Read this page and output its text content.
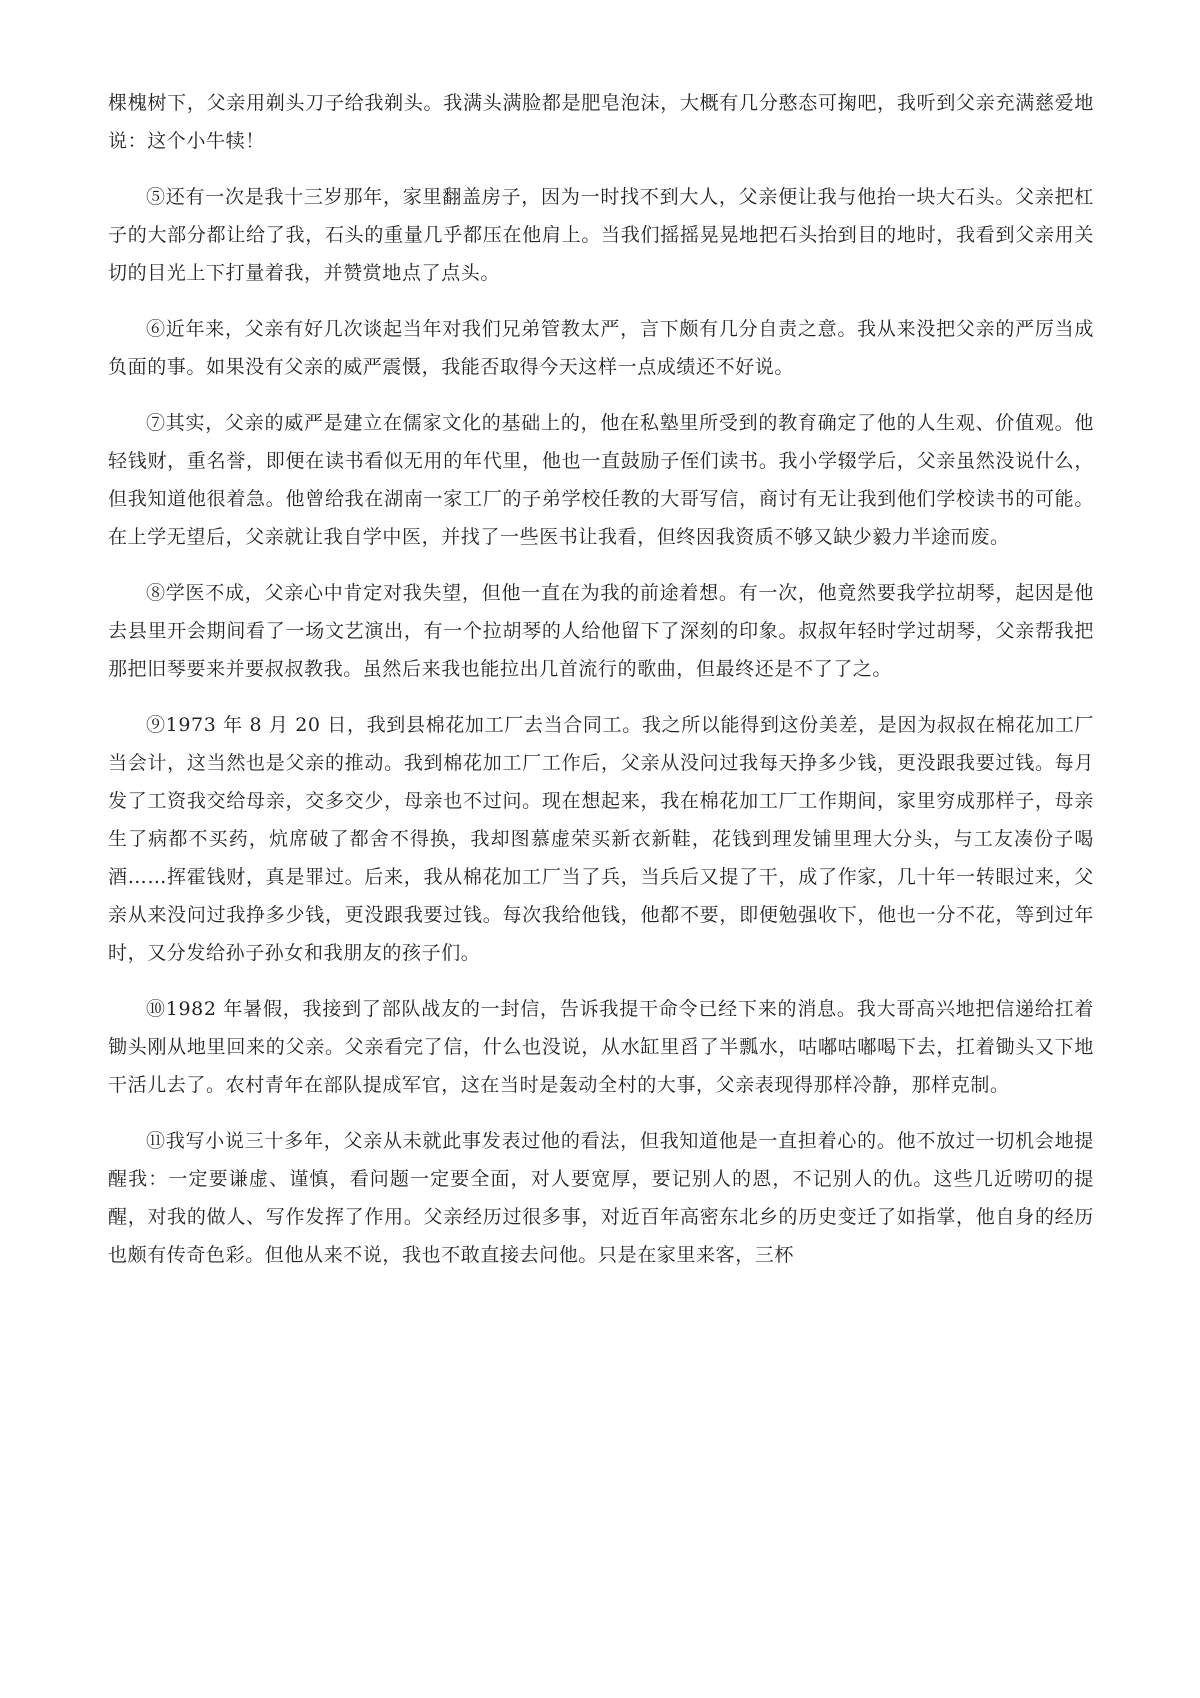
棵槐树下，父亲用剃头刀子给我剃头。我满头满脸都是肥皂泡沫，大概有几分憨态可掬吧，我听到父亲充满慈爱地说：这个小牛犊！

⑤还有一次是我十三岁那年，家里翻盖房子，因为一时找不到大人，父亲便让我与他抬一块大石头。父亲把杠子的大部分都让给了我，石头的重量几乎都压在他肩上。当我们摇摇晃晃地把石头抬到目的地时，我看到父亲用关切的目光上下打量着我，并赞赏地点了点头。

⑥近年来，父亲有好几次谈起当年对我们兄弟管教太严，言下颇有几分自责之意。我从来没把父亲的严厉当成负面的事。如果没有父亲的威严震慑，我能否取得今天这样一点成绩还不好说。

⑦其实，父亲的威严是建立在儒家文化的基础上的，他在私塾里所受到的教育确定了他的人生观、价值观。他轻钱财，重名誉，即便在读书看似无用的年代里，他也一直鼓励子侄们读书。我小学辍学后，父亲虽然没说什么，但我知道他很着急。他曾给我在湖南一家工厂的子弟学校任教的大哥写信，商讨有无让我到他们学校读书的可能。在上学无望后，父亲就让我自学中医，并找了一些医书让我看，但终因我资质不够又缺少毅力半途而废。

⑧学医不成，父亲心中肯定对我失望，但他一直在为我的前途着想。有一次，他竟然要我学拉胡琴，起因是他去县里开会期间看了一场文艺演出，有一个拉胡琴的人给他留下了深刻的印象。叔叔年轻时学过胡琴，父亲帮我把那把旧琴要来并要叔叔教我。虽然后来我也能拉出几首流行的歌曲，但最终还是不了了之。

⑨1973 年 8 月 20 日，我到县棉花加工厂去当合同工。我之所以能得到这份美差，是因为叔叔在棉花加工厂当会计，这当然也是父亲的推动。我到棉花加工厂工作后，父亲从没问过我每天挣多少钱，更没跟我要过钱。每月发了工资我交给母亲，交多交少，母亲也不过问。现在想起来，我在棉花加工厂工作期间，家里穷成那样子，母亲生了病都不买药，炕席破了都舍不得换，我却图慕虚荣买新衣新鞋，花钱到理发铺里理大分头，与工友凑份子喝酒……挥霍钱财，真是罪过。后来，我从棉花加工厂当了兵，当兵后又提了干，成了作家，几十年一转眼过来，父亲从来没问过我挣多少钱，更没跟我要过钱。每次我给他钱，他都不要，即便勉强收下，他也一分不花，等到过年时，又分发给孙子孙女和我朋友的孩子们。

⑩1982 年暑假，我接到了部队战友的一封信，告诉我提干命令已经下来的消息。我大哥高兴地把信递给扛着锄头刚从地里回来的父亲。父亲看完了信，什么也没说，从水缸里舀了半瓢水，咕嘟咕嘟喝下去，扛着锄头又下地干活儿去了。农村青年在部队提成军官，这在当时是轰动全村的大事，父亲表现得那样冷静，那样克制。

⑪我写小说三十多年，父亲从未就此事发表过他的看法，但我知道他是一直担着心的。他不放过一切机会地提醒我：一定要谦虚、谨慎，看问题一定要全面，对人要宽厚，要记别人的恩，不记别人的仇。这些几近唠叨的提醒，对我的做人、写作发挥了作用。父亲经历过很多事，对近百年高密东北乡的历史变迁了如指掌，他自身的经历也颇有传奇色彩。但他从来不说，我也不敢直接去问他。只是在家里来客，三杯
